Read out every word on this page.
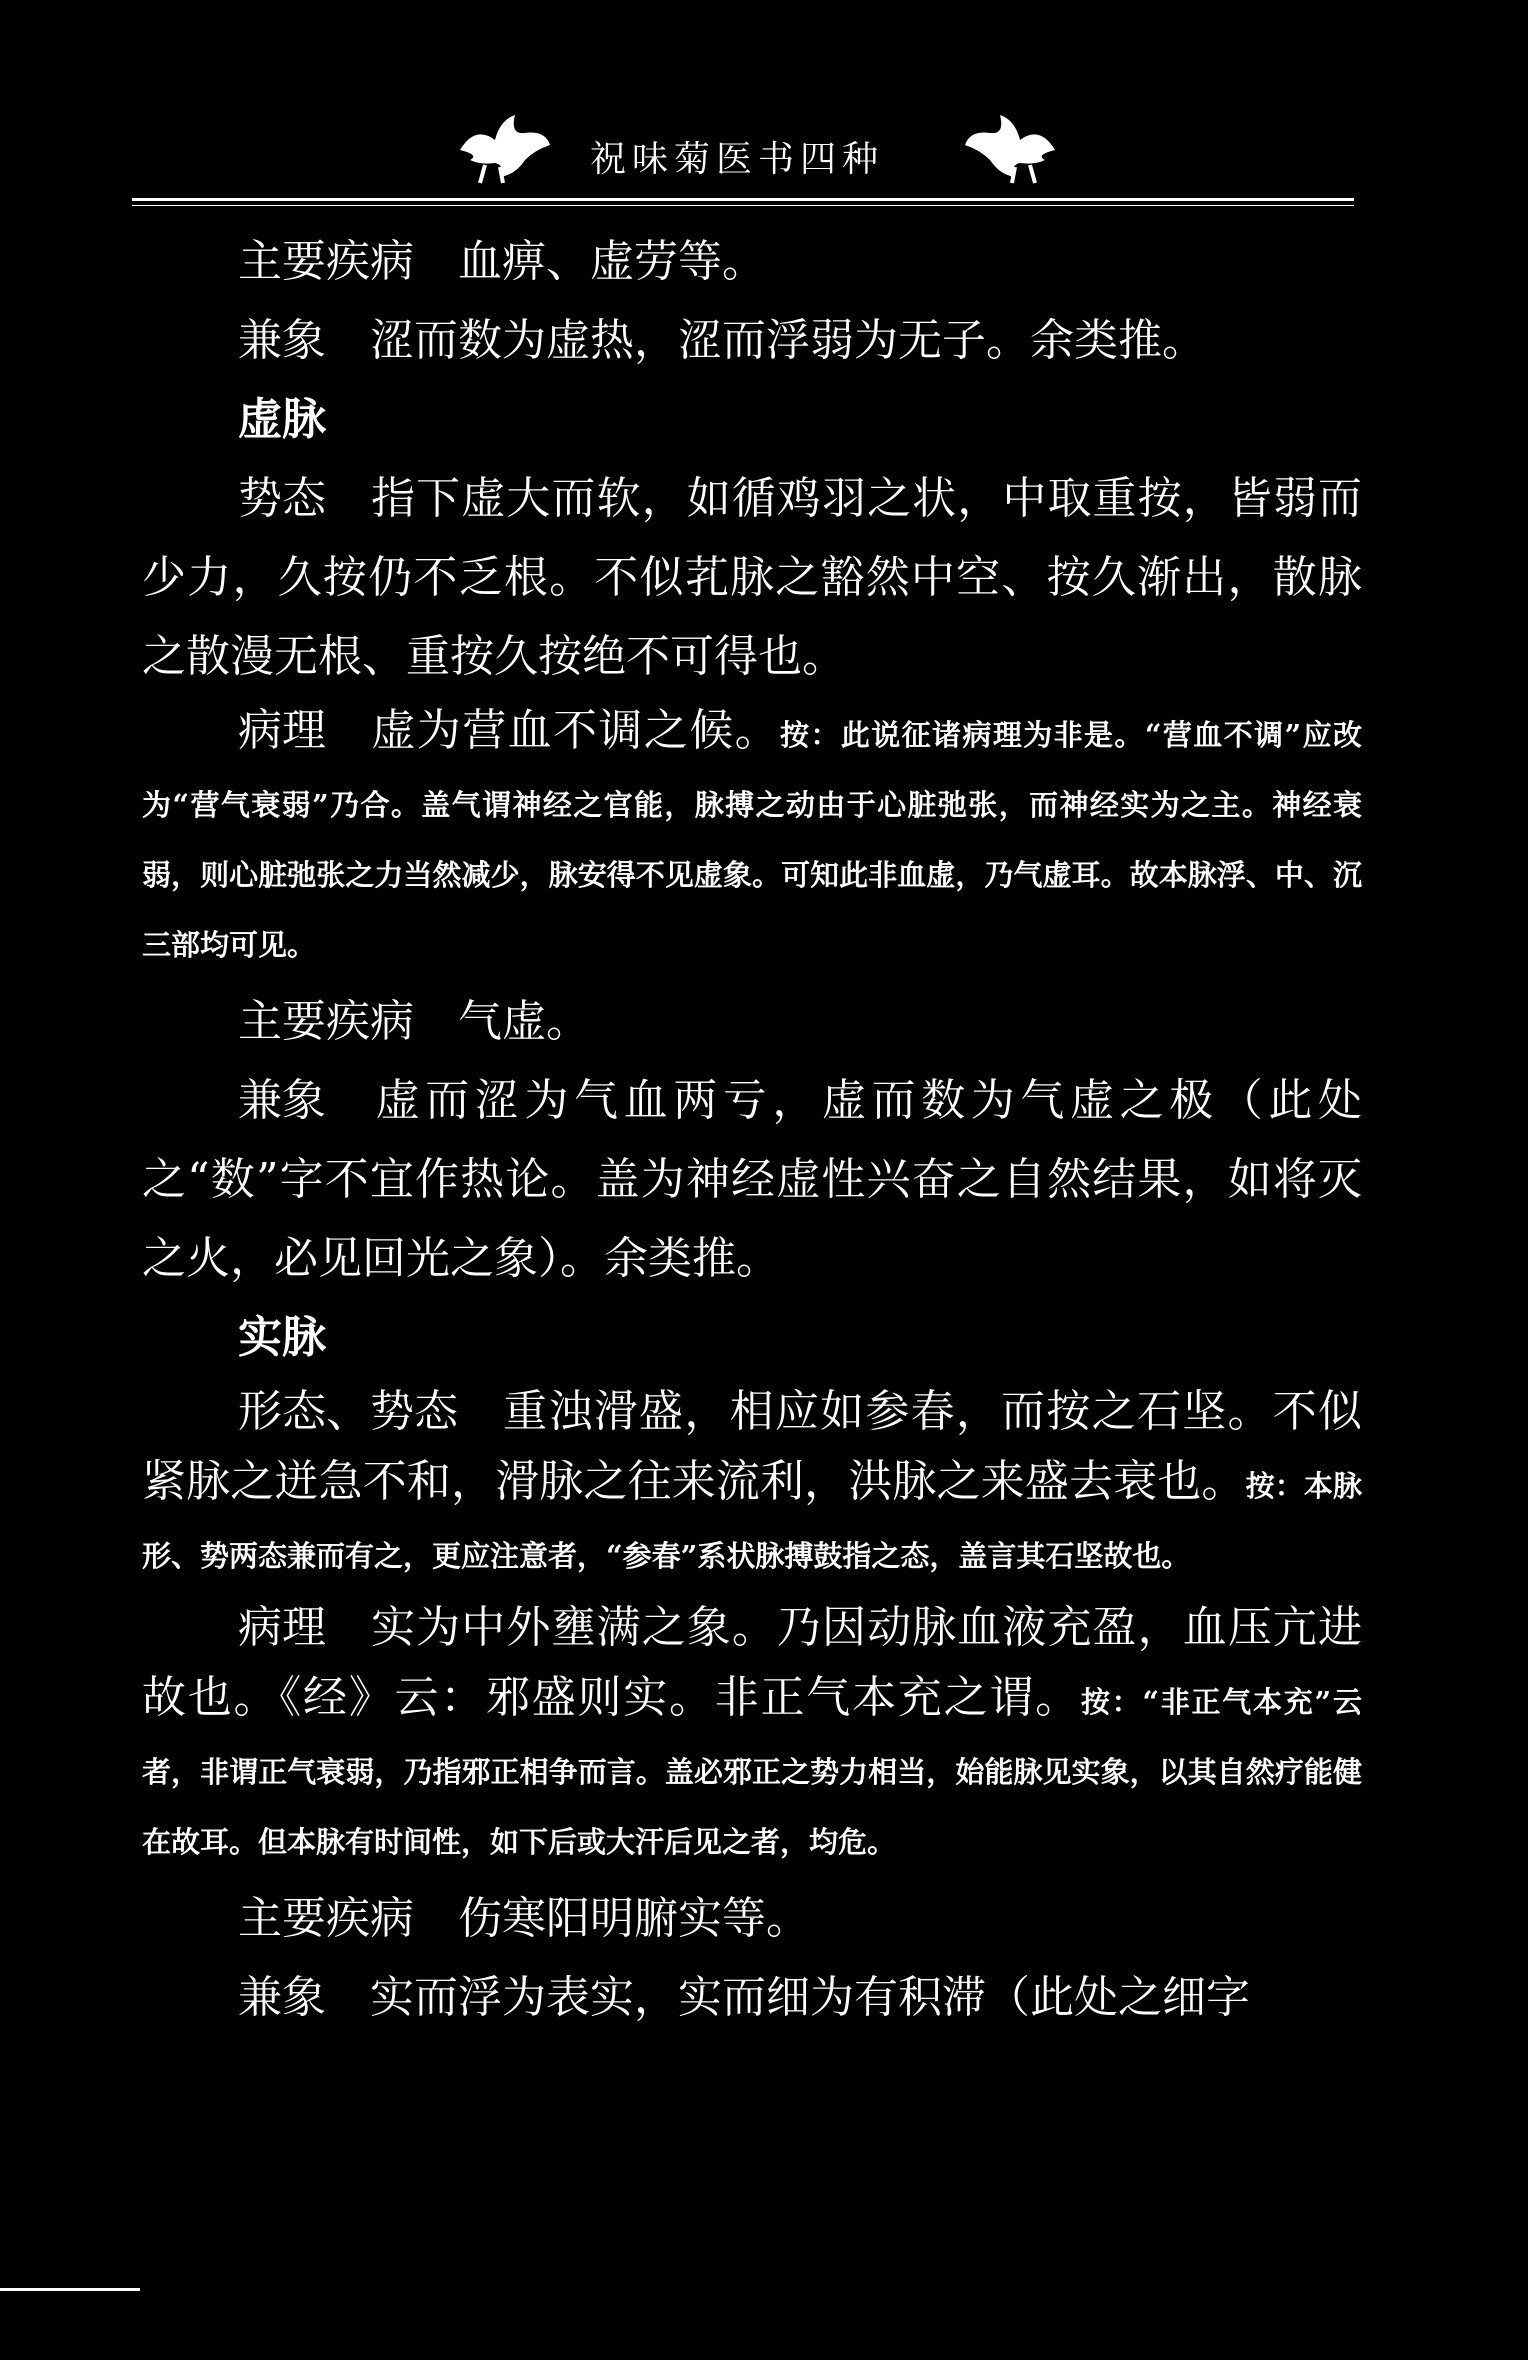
祝味菊医书四种

主要疾病 血痹、虚劳等。

兼象 涩而数为虚热，涩而浮弱为无子。余类推。

虚脉

势态 指下虚大而软，如循鸡羽之状，中取重按，皆弱而少力，久按仍不乏根。不似芤脉之豁然中空、按久渐出，散脉之散漫无根、重按久按绝不可得也。

病理 虚为营血不调之候。按：此说征诸病理为非是。“营血不调”应改为“营气衰弱”乃合。盖气谓神经之官能，脉搏之动由于心脏弛张，而神经实为之主。神经衰弱，则心脏弛张之力当然减少，脉安得不见虚象。可知此非血虚，乃气虚耳。故本脉浮、中、沉三部均可见。

主要疾病 气虚。

兼象 虚而涩为气血两亏，虚而数为气虚之极（此处之“数”字不宜作热论。盖为神经虚性兴奋之自然结果，如将灭之火，必见回光之象）。余类推。

实脉

形态、势态 重浊滑盛，相应如参春，而按之石坚。不似紧脉之迸急不和，滑脉之往来流利，洪脉之来盛去衰也。按：本脉形、势两态兼而有之，更应注意者，“参春”系状脉搏鼓指之态，盖言其石坚故也。

病理 实为中外壅满之象。乃因动脉血液充盈，血压亢进故也。《经》云：邪盛则实。非正气本充之谓。按：“非正气本充”云者，非谓正气衰弱，乃指邪正相争而言。盖必邪正之势力相当，始能脉见实象，以其自然疗能健在故耳。但本脉有时间性，如下后或大汗后见之者，均危。

主要疾病 伤寒阳明腑实等。

兼象 实而浮为表实，实而细为有积滞（此处之细字
